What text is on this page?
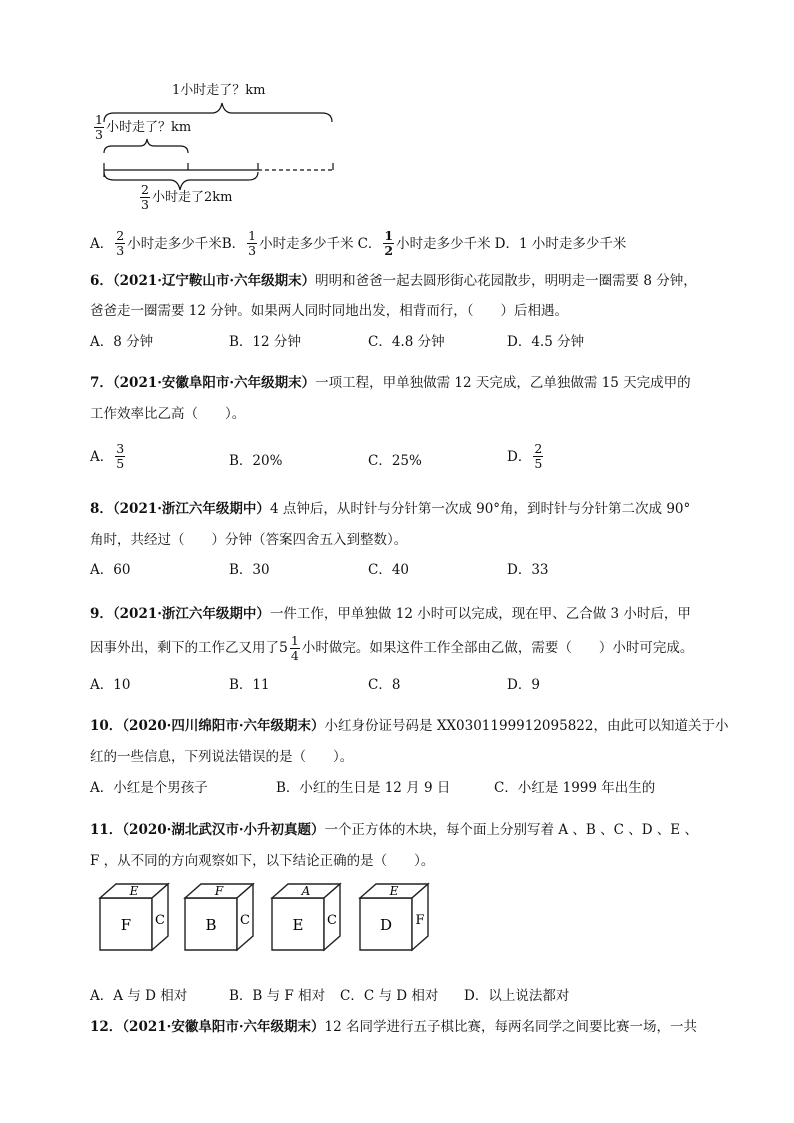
1小时走了？km
$\frac{1}{3}$ 小时走了？km
$\frac{2}{3}$ 小时走了2km
A． $\frac{2}{3}$ 小时走多少千米 B． $\frac{1}{3}$ 小时走多少千米 C． $\frac{1}{2}$ 小时走多少千米 D．1 小时走多少千米
6．（2021·辽宁鞍山市·六年级期末）明明和爸爸一起去圆形街心花园散步，明明走一圈需要 8 分钟，
爸爸走一圈需要 12 分钟。如果两人同时同地出发，相背而行，（　　）后相遇。
A．8 分钟	B．12 分钟	C．4.8 分钟	D．4.5 分钟
7．（2021·安徽阜阳市·六年级期末）一项工程，甲单独做需 12 天完成，乙单独做需 15 天完成甲的
工作效率比乙高（　　）。
A． $\frac{3}{5}$	B．20%	C．25%	D． $\frac{2}{5}$
8．（2021·浙江六年级期中）4 点钟后，从时针与分针第一次成 90°角，到时针与分针第二次成 90°
角时，共经过（　　）分钟（答案四舍五入到整数）。
A．60	B．30	C．40	D．33
9．（2021·浙江六年级期中）一件工作，甲单独做 12 小时可以完成，现在甲、乙合做 3 小时后，甲
因事外出，剩下的工作乙又用了 $5 \frac{1}{4}$ 小时做完。如果这件工作全部由乙做，需要（　　）小时可完成。
A．10	B．11	C．8	D．9
10．（2020·四川绵阳市·六年级期末）小红身份证号码是 XX0301199912095822，由此可以知道关于小
红的一些信息，下列说法错误的是（　　）。
A．小红是个男孩子	B．小红的生日是 12 月 9 日	C．小红是 1999 年出生的
11．（2020·湖北武汉市·小升初真题）一个正方体的木块，每个面上分别写着 A 、B 、C 、D 、E 、
F ，从不同的方向观察如下，以下结论正确的是（　　）。
E
F C
F
B C
A
E C
E
D F
A．A 与 D 相对	B．B 与 F 相对 C．C 与 D 相对 D．以上说法都对
12．（2021·安徽阜阳市·六年级期末）12 名同学进行五子棋比赛，每两名同学之间要比赛一场，一共
